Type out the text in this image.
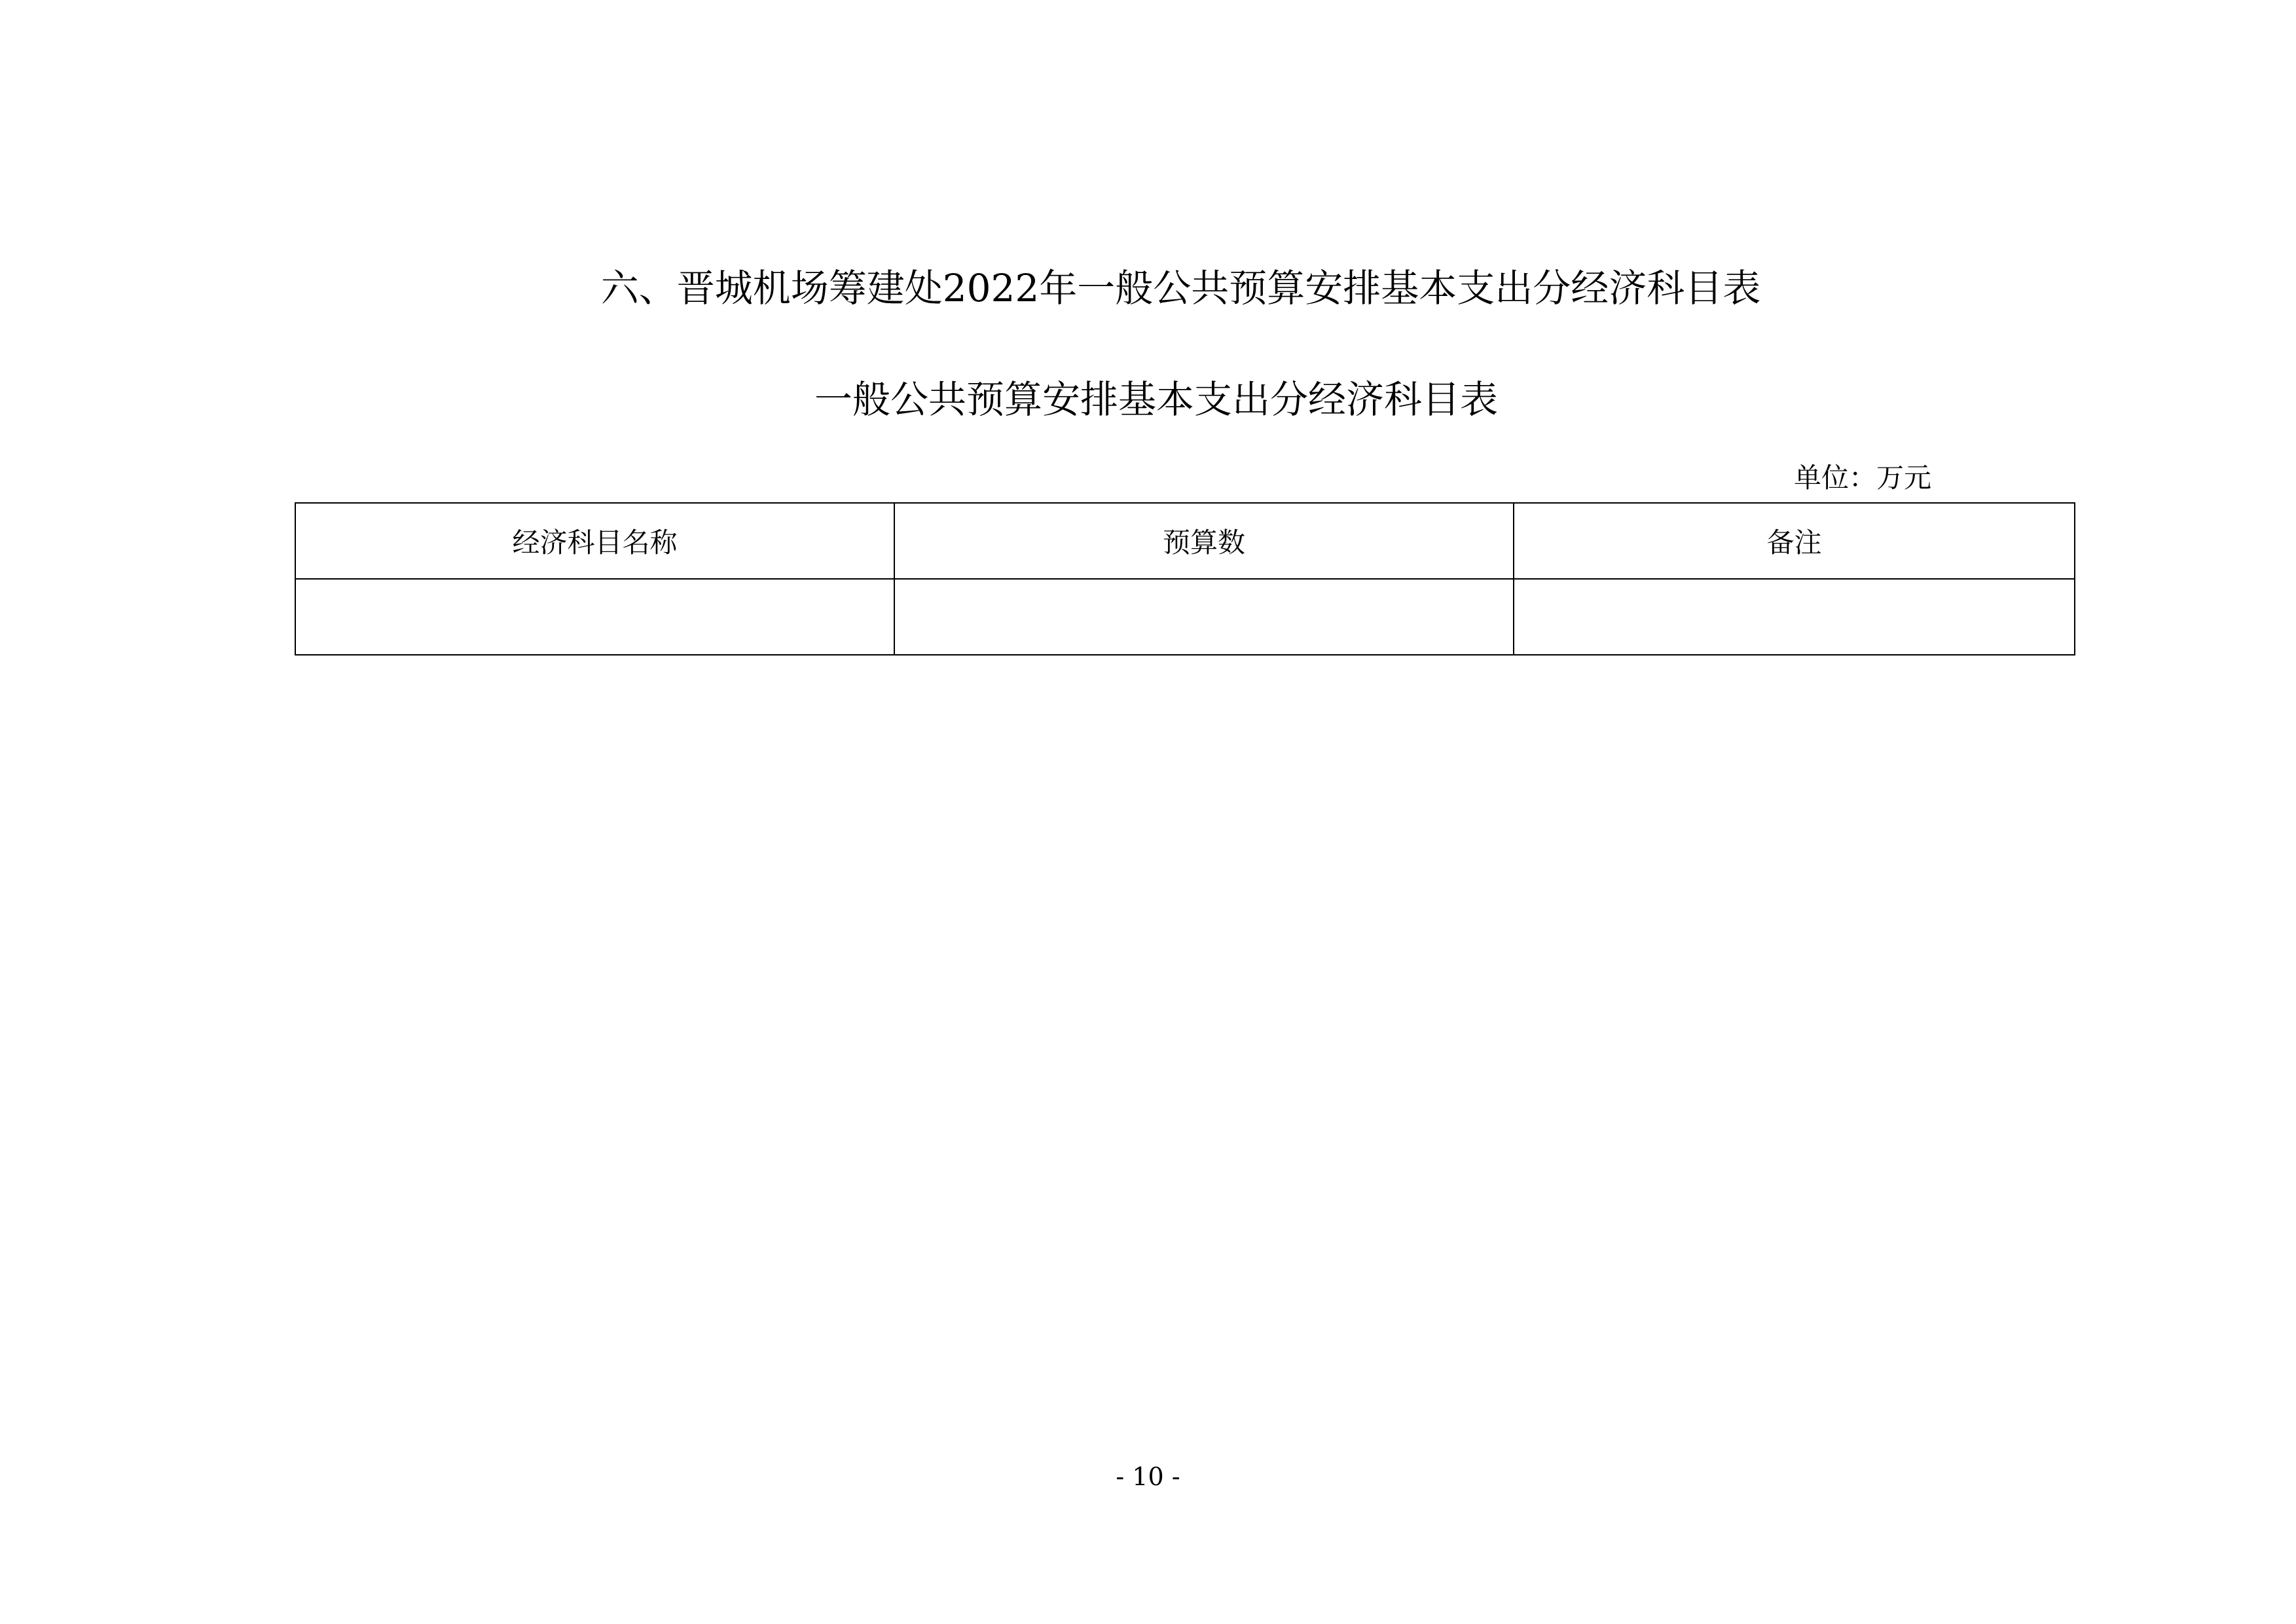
六、晋城机场筹建处2022年一般公共预算安排基本支出分经济科目表
一般公共预算安排基本支出分经济科目表
单位：万元
经济科目名称	预算数	备注

- 10 -
